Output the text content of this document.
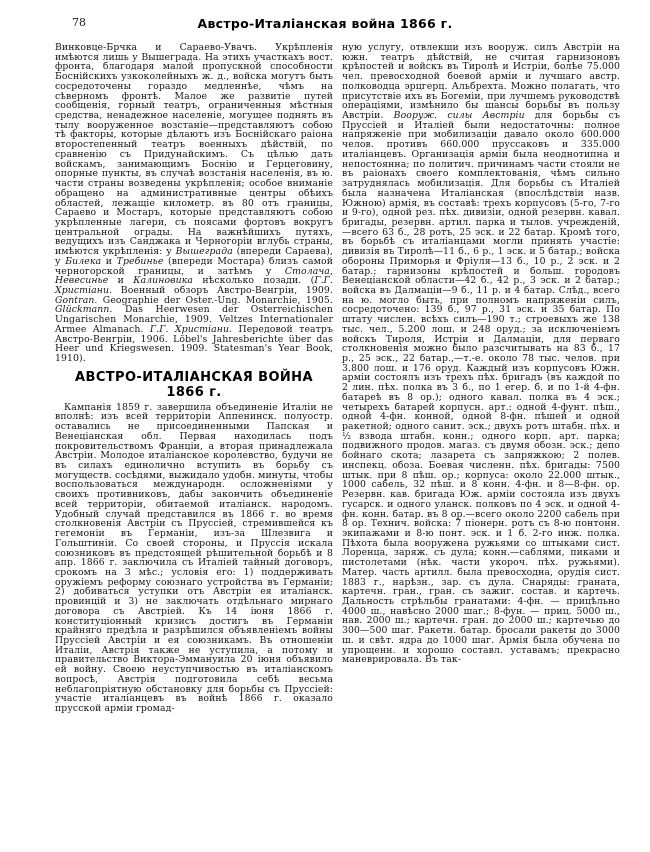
78	Австро-Италіанская война 1866 г.

Винковце-Брчка и Сараево-Увачъ. Укрѣпленія имѣются лишь у Вышеграда. На этихъ участкахъ вост. фронта, благодаря малой пропускной способности Боснійскихъ узкоколейныхъ ж. д., войска могутъ быть сосредоточены гораздо медленнѣе, чѣмъ на сѣверномъ фронтѣ. Малое же развитіе путей сообщенія, горный театръ, ограниченныя мѣстныя средства, ненадежное населеніе, могущее поднять въ тылу вооруженное возстаніе—представляютъ собою тѣ факторы, которые дѣлаютъ изъ Боснійскаго раіона второстепенный театръ военныхъ дѣйствій, по сравненію съ Придунайскимъ. Съ цѣлью дать войскамъ, занимающимъ Боснію и Герцеговину, опорные пункты, въ случаѣ возстанія населенія, въ ю. части страны возведены укрѣпленія; особое вниманіе обращено на административные центры обѣихъ областей, лежащіе километр. въ 80 отъ границы, Сараево и Мостаръ, которые представляютъ собою укрѣпленные лагери, съ поясами фортовъ вокругъ центральной ограды. На важнѣйшихъ путяхъ, ведущихъ изъ Санджака и Черногоріи вглубь страны, имѣются укрѣпленія: у Вышеграда (впереди Сараева), у Билека и Требинье (впереди Мостара) близъ самой черногорской границы, и затѣмъ у Столача, Невесинье и Калиновика нѣсколько позади. (Г.Г. Христіани. Военный обзоръ Австро-Венгріи, 1909. Gontran. Geographie der Oster.-Ung. Monarchie, 1905. Glückmann. Das Heerwesen der Osterreichischen Ungarischen Monarchie, 1909. Veltzes Internationaler Armee Almanach. Г.Г. Христіани. Передовой театръ Австро-Венгріи, 1906. Löbel's Jahresberichte über das Heer und Kriegswesen. 1909. Statesman's Year Book, 1910).

АВСТРО-ИТАЛІАНСКАЯ ВОЙНА 1866 г.

Кампанія 1859 г. завершила объединеніе Италіи не вполнѣ: изъ всей территоріи Аппенинск. полуостр. оставались не присоединенными Папская и Венеціанская обл. Первая находилась подъ покровительствомъ Франціи, а вторая принадлежала Австріи. Молодое италіанское королевство, будучи не въ силахъ единолично вступить въ борьбу съ могуществ. сосѣдями, выжидало удобн. минуты, чтобы воспользоваться международн. осложненіями у своихъ противниковъ, дабы закончить объединеніе всей территоріи, обитаемой италіанск. народомъ. Удобный случай представился въ 1866 г. во время столкновенія Австріи съ Пруссіей, стремившейся къ гегемоніи въ Германіи, изъ-за Шлезвига и Гольштиніи. Со своей стороны, и Пруссія искала союзниковъ въ предстоящей рѣшительной борьбѣ и 8 апр. 1866 г. заключила съ Италіей тайный договоръ, срокомъ на 3 мѣс.; условія его: 1) поддерживать оружіемъ реформу союзнаго устройства въ Германіи; 2) добиваться уступки отъ Австріи ея италіанск. провинцій и 3) не заключать отдѣльнаго мирнаго договора съ Австріей. Къ 14 іюня 1866 г. конституціонный кризисъ достигъ въ Германіи крайняго предѣла и разрѣшился объявленіемъ войны Пруссіей Австріи и ея союзникамъ. Въ отношеніи Италіи, Австрія также не уступила, а потому и правительство Виктора-Эммануила 20 іюня объявило ей войну. Своею неуступчивостью въ италіанскомъ вопросѣ, Австрія подготовила себѣ весьма неблагопріятную обстановку для борьбы съ Пруссіей: участіе италіанцевъ въ войнѣ 1866 г. оказало прусской арміи громад-

ную услугу, отвлекши изъ вооруж. силъ Австріи на южн. театръ дѣйствій, не считая гарнизоновъ крѣпостей и войскъ въ Тиролѣ и Истріи, болѣе 75.000 чел. превосходной боевой арміи и лучшаго австр. полководца эрцгерц. Альбрехта. Можно полагать, что присутствіе ихъ въ Богеміи, при лучшемъ руководствѣ операціями, измѣнило бы шансы борьбы въ пользу Австріи. Вооруж. силы Австріи для борьбы съ Пруссіей и Италіей были недостаточны: полное напряженіе при мобилизаціи давало около 600.000 челов. противъ 660.000 пруссаковъ и 335.000 италіанцевъ. Организація арміи была неоднотипна и непостоянна; по политич. причинамъ части стояли не въ раіонахъ своего комплектованія, чѣмъ сильно затруднялась мобилизація. Для борьбы съ Италіей была назначена Италіанская (впослѣдствіи назв. Южною) армія, въ составѣ: трехъ корпусовъ (5-го, 7-го и 9-го), одной рез. пѣх. дивизіи, одной резервн. кавал. бригады, резервн. артил. парка и тылов. учрежденій,—всего 63 б., 28 ротъ, 25 эск. и 22 батар. Кромѣ того, въ борьбѣ съ италіанцами могли принять участіе: дивизія въ Тиролѣ—11 б., 6 р., 1 эск. и 5 батар.; войска обороны Приморья и Фріуля—13 б., 10 р., 2 эск. и 2 батар.; гарнизоны крѣпостей и больш. городовъ Венеціанской области—42 б., 42 р., 3 эск. и 2 батар.; войска въ Далмаціи—9 б., 11 р. и 4 батар. Слѣд., всего на ю. могло быть, при полномъ напряженіи силъ, сосредоточено: 139 б., 97 р., 31 эск. и 35 батар. По штату числен. всѣхъ силъ—190 т.; строевыхъ же 138 тыс. чел., 5.200 лош. и 248 оруд.; за исключеніемъ войскъ Тироля, Истріи и Далмаціи, для перваго столкновенія можно было разсчитывать на 83 б., 17 р., 25 эск., 22 батар.,—т.-е. около 78 тыс. челов. при 3.800 лош. и 176 оруд. Каждый изъ корпусовъ Южн. арміи состоялъ изъ трехъ пѣх. бригадъ (въ каждой по 2 лин. пѣх. полка въ 3 б., по 1 егер. б. и по 1-й 4-фн. батареѣ въ 8 ор.); одного кавал. полка въ 4 эск.; четырехъ батарей корпусн. арт.: одной 4-фунт. пѣш., одной 4-фн. конной, одной 8-фн. пѣшей и одной ракетной; одного санит. эск.; двухъ ротъ штабн. пѣх. и ½ взвода штабн. конн.; одного корп. арт. парка; подвижного продов. магаз. съ двумя обозн. эск.; депо бойнаго скота; лазарета съ запряжкою; 2 полев. инспекц. обоза. Боевая численн. пѣх. бригады: 7500 штык. при 8 пѣш. ор.; корпуса: около 22.000 штык., 1000 сабель, 32 пѣш. и 8 конн. 4-фн. и 8—8-фн. ор. Резервн. кав. бригада Юж. арміи состояла изъ двухъ гусарск. и одного уланск. полковъ по 4 эск. и одной 4-фн. конн. батар. въ 8 ор.—всего около 2200 сабель при 8 ор. Технич. войска: 7 піонерн. ротъ съ 8-ю понтонн. экипажами и 8-ю понт. эск. и 1 б. 2-го инж. полка. Пѣхота была вооружена ружьями со штыками сист. Лоренца, заряж. съ дула; конн.—саблями, пиками и пистолетами (нѣк. части укороч. пѣх. ружьями). Матер. часть артилл. была превосходна, орудія сист. 1883 г., нарѣзн., зар. съ дула. Снаряды: граната, картечн. гран., гран. съ зажиг. состав. и картечь. Дальность стрѣльбы гранатами: 4-фн. — прицѣльно 4000 ш., навѣсно 2000 шаг.; 8-фун. — приц. 5000 ш., нав. 2000 ш.; картечн. гран. до 2000 ш.; картечью до 300—500 шаг. Ракетн. батар. бросали ракеты до 3000 ш. и свѣт. ядра до 1000 шаг. Армія была обучена по упрощенн. и хорошо составл. уставамъ; прекрасно маневрировала. Въ так-
